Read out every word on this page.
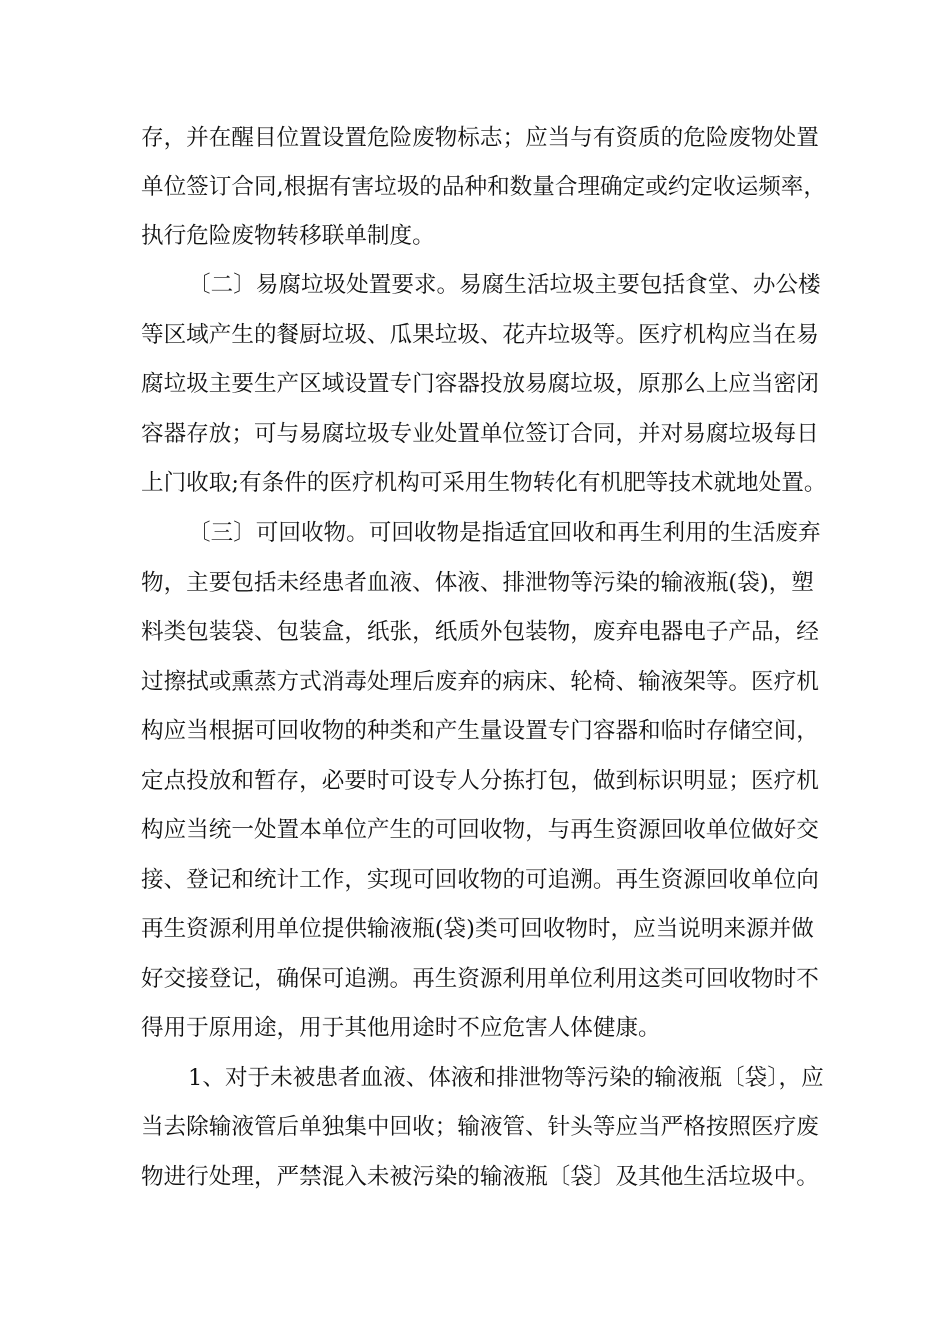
存，并在醒目位置设置危险废物标志；应当与有资质的危险废物处置
单位签订合同,根据有害垃圾的品种和数量合理确定或约定收运频率，
执行危险废物转移联单制度。
〔二〕易腐垃圾处置要求。易腐生活垃圾主要包括食堂、办公楼
等区域产生的餐厨垃圾、瓜果垃圾、花卉垃圾等。医疗机构应当在易
腐垃圾主要生产区域设置专门容器投放易腐垃圾，原那么上应当密闭
容器存放；可与易腐垃圾专业处置单位签订合同，并对易腐垃圾每日
上门收取;有条件的医疗机构可采用生物转化有机肥等技术就地处置。
〔三〕可回收物。可回收物是指适宜回收和再生利用的生活废弃
物，主要包括未经患者血液、体液、排泄物等污染的输液瓶(袋)，塑
料类包装袋、包装盒，纸张，纸质外包装物，废弃电器电子产品，经
过擦拭或熏蒸方式消毒处理后废弃的病床、轮椅、输液架等。医疗机
构应当根据可回收物的种类和产生量设置专门容器和临时存储空间，
定点投放和暂存，必要时可设专人分拣打包，做到标识明显；医疗机
构应当统一处置本单位产生的可回收物，与再生资源回收单位做好交
接、登记和统计工作，实现可回收物的可追溯。再生资源回收单位向
再生资源利用单位提供输液瓶(袋)类可回收物时，应当说明来源并做
好交接登记，确保可追溯。再生资源利用单位利用这类可回收物时不
得用于原用途，用于其他用途时不应危害人体健康。
1、对于未被患者血液、体液和排泄物等污染的输液瓶〔袋〕，应
当去除输液管后单独集中回收；输液管、针头等应当严格按照医疗废
物进行处理，严禁混入未被污染的输液瓶〔袋〕及其他生活垃圾中。
